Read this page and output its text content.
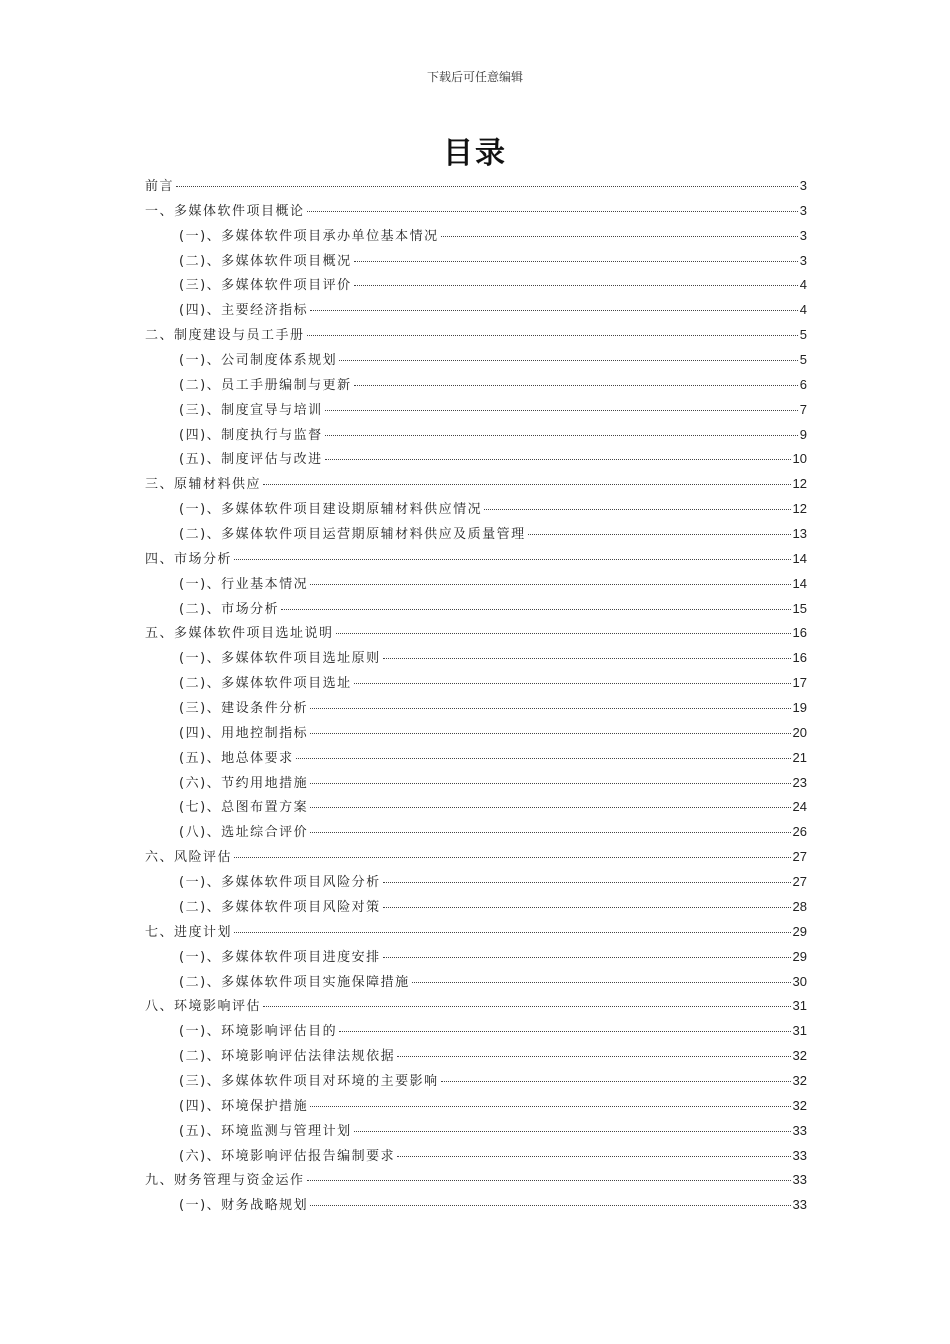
下载后可任意编辑
目录
前言	3
一、多媒体软件项目概论	3
(一)、多媒体软件项目承办单位基本情况	3
(二)、多媒体软件项目概况	3
(三)、多媒体软件项目评价	4
(四)、主要经济指标	4
二、制度建设与员工手册	5
(一)、公司制度体系规划	5
(二)、员工手册编制与更新	6
(三)、制度宣导与培训	7
(四)、制度执行与监督	9
(五)、制度评估与改进	10
三、原辅材料供应	12
(一)、多媒体软件项目建设期原辅材料供应情况	12
(二)、多媒体软件项目运营期原辅材料供应及质量管理	13
四、市场分析	14
(一)、行业基本情况	14
(二)、市场分析	15
五、多媒体软件项目选址说明	16
(一)、多媒体软件项目选址原则	16
(二)、多媒体软件项目选址	17
(三)、建设条件分析	19
(四)、用地控制指标	20
(五)、地总体要求	21
(六)、节约用地措施	23
(七)、总图布置方案	24
(八)、选址综合评价	26
六、风险评估	27
(一)、多媒体软件项目风险分析	27
(二)、多媒体软件项目风险对策	28
七、进度计划	29
(一)、多媒体软件项目进度安排	29
(二)、多媒体软件项目实施保障措施	30
八、环境影响评估	31
(一)、环境影响评估目的	31
(二)、环境影响评估法律法规依据	32
(三)、多媒体软件项目对环境的主要影响	32
(四)、环境保护措施	32
(五)、环境监测与管理计划	33
(六)、环境影响评估报告编制要求	33
九、财务管理与资金运作	33
(一)、财务战略规划	33
